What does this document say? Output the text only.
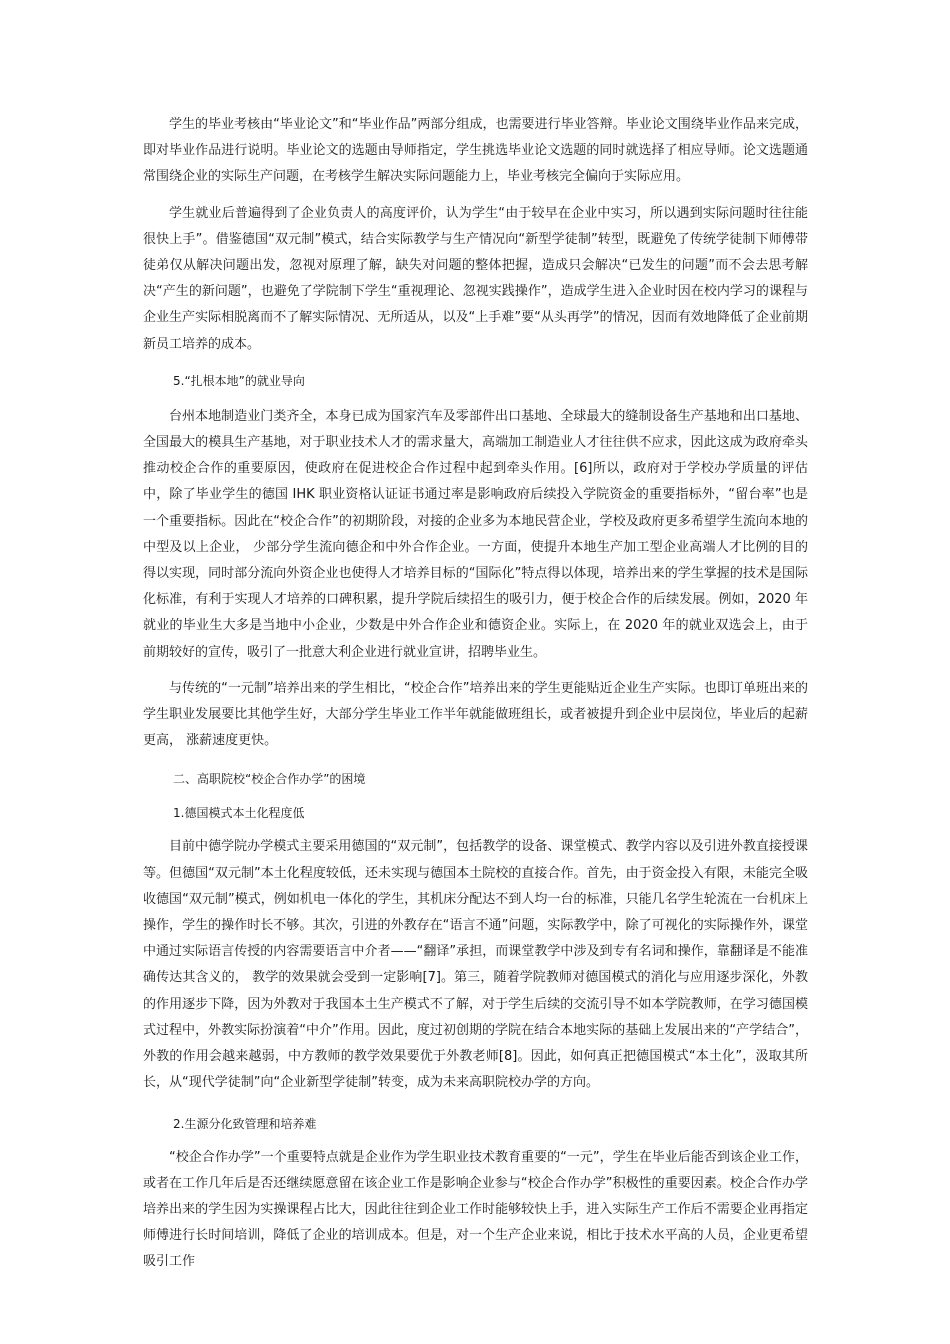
学生的毕业考核由“毕业论文”和“毕业作品”两部分组成，也需要进行毕业答辩。毕业论文围绕毕业作品来完成，即对毕业作品进行说明。毕业论文的选题由导师指定，学生挑选毕业论文选题的同时就选择了相应导师。论文选题通常围绕企业的实际生产问题，在考核学生解决实际问题能力上，毕业考核完全偏向于实际应用。

学生就业后普遍得到了企业负责人的高度评价，认为学生“由于较早在企业中实习，所以遇到实际问题时往往能很快上手”。借鉴德国“双元制”模式，结合实际教学与生产情况向“新型学徒制”转型，既避免了传统学徒制下师傅带徒弟仅从解决问题出发，忽视对原理了解，缺失对问题的整体把握，造成只会解决“已发生的问题”而不会去思考解决“产生的新问题”，也避免了学院制下学生“重视理论、忽视实践操作”，造成学生进入企业时因在校内学习的课程与企业生产实际相脱离而不了解实际情况、无所适从，以及“上手难”要“从头再学”的情况，因而有效地降低了企业前期新员工培养的成本。

5.“扎根本地”的就业导向

台州本地制造业门类齐全，本身已成为国家汽车及零部件出口基地、全球最大的缝制设备生产基地和出口基地、全国最大的模具生产基地，对于职业技术人才的需求量大，高端加工制造业人才往往供不应求，因此这成为政府牵头推动校企合作的重要原因，使政府在促进校企合作过程中起到牵头作用。[6]所以，政府对于学校办学质量的评估中，除了毕业学生的德国 IHK 职业资格认证证书通过率是影响政府后续投入学院资金的重要指标外，“留台率”也是一个重要指标。因此在“校企合作”的初期阶段，对接的企业多为本地民营企业，学校及政府更多希望学生流向本地的中型及以上企业， 少部分学生流向德企和中外合作企业。一方面，使提升本地生产加工型企业高端人才比例的目的得以实现，同时部分流向外资企业也使得人才培养目标的“国际化”特点得以体现，培养出来的学生掌握的技术是国际化标准，有利于实现人才培养的口碑积累，提升学院后续招生的吸引力，便于校企合作的后续发展。例如，2020 年就业的毕业生大多是当地中小企业，少数是中外合作企业和德资企业。实际上，在 2020 年的就业双选会上，由于前期较好的宣传，吸引了一批意大利企业进行就业宣讲，招聘毕业生。

与传统的“一元制”培养出来的学生相比，“校企合作”培养出来的学生更能贴近企业生产实际。也即订单班出来的学生职业发展要比其他学生好，大部分学生毕业工作半年就能做班组长，或者被提升到企业中层岗位，毕业后的起薪更高， 涨薪速度更快。

二、高职院校“校企合作办学”的困境

1.德国模式本土化程度低

目前中德学院办学模式主要采用德国的“双元制”，包括教学的设备、课堂模式、教学内容以及引进外教直接授课等。但德国“双元制”本土化程度较低，还未实现与德国本土院校的直接合作。首先，由于资金投入有限，未能完全吸收德国“双元制”模式，例如机电一体化的学生，其机床分配达不到人均一台的标准，只能几名学生轮流在一台机床上操作，学生的操作时长不够。其次，引进的外教存在“语言不通”问题，实际教学中，除了可视化的实际操作外，课堂中通过实际语言传授的内容需要语言中介者——“翻译”承担，而课堂教学中涉及到专有名词和操作，靠翻译是不能准确传达其含义的， 教学的效果就会受到一定影响[7]。第三，随着学院教师对德国模式的消化与应用逐步深化，外教的作用逐步下降，因为外教对于我国本土生产模式不了解，对于学生后续的交流引导不如本学院教师，在学习德国模式过程中，外教实际扮演着“中介”作用。因此，度过初创期的学院在结合本地实际的基础上发展出来的“产学结合”，外教的作用会越来越弱，中方教师的教学效果要优于外教老师[8]。因此，如何真正把德国模式“本土化”，汲取其所长，从“现代学徒制”向“企业新型学徒制”转变，成为未来高职院校办学的方向。

2.生源分化致管理和培养难

“校企合作办学”一个重要特点就是企业作为学生职业技术教育重要的“一元”，学生在毕业后能否到该企业工作，或者在工作几年后是否还继续愿意留在该企业工作是影响企业参与“校企合作办学”积极性的重要因素。校企合作办学培养出来的学生因为实操课程占比大，因此往往到企业工作时能够较快上手，进入实际生产工作后不需要企业再指定师傅进行长时间培训，降低了企业的培训成本。但是，对一个生产企业来说，相比于技术水平高的人员，企业更希望吸引工作
